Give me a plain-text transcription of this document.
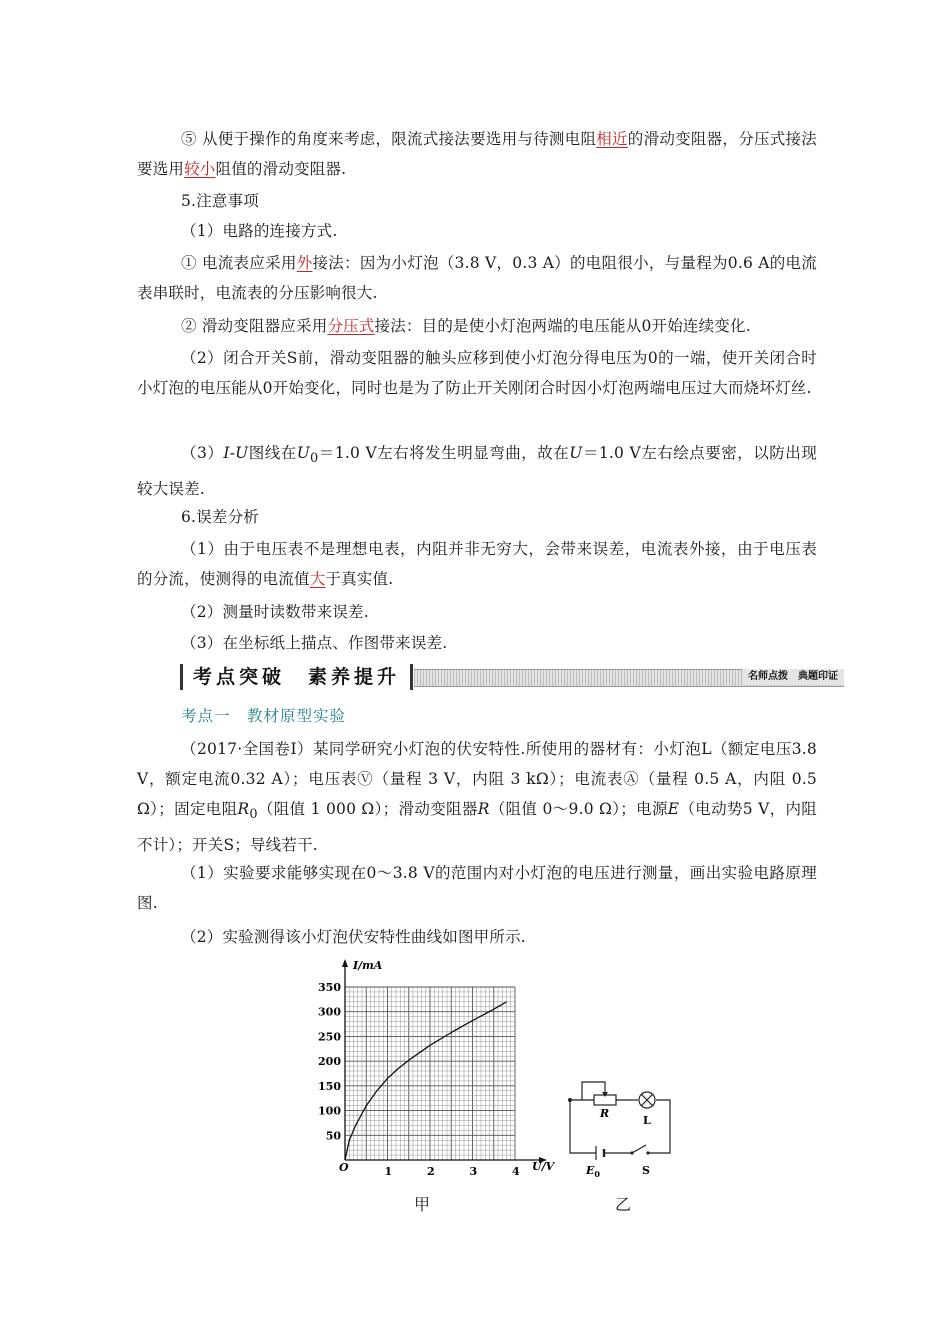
⑤ 从便于操作的角度来考虑，限流式接法要选用与待测电阻相近的滑动变阻器，分压式接法要选用较小阻值的滑动变阻器.
5.注意事项
（1）电路的连接方式.
① 电流表应采用外接法：因为小灯泡（3.8 V，0.3 A）的电阻很小，与量程为0.6 A的电流表串联时，电流表的分压影响很大.
② 滑动变阻器应采用分压式接法：目的是使小灯泡两端的电压能从0开始连续变化.
（2）闭合开关S前，滑动变阻器的触头应移到使小灯泡分得电压为0的一端，使开关闭合时小灯泡的电压能从0开始变化，同时也是为了防止开关刚闭合时因小灯泡两端电压过大而烧坏灯丝.
（3）I-U图线在$U_0=1.0$ V左右将发生明显弯曲，故在U＝1.0 V左右绘点要密，以防出现较大误差.
6.误差分析
（1）由于电压表不是理想电表，内阻并非无穷大，会带来误差，电流表外接，由于电压表的分流，使测得的电流值大于真实值.
（2）测量时读数带来误差.
（3）在坐标纸上描点、作图带来误差.
考点突破　素养提升	名师点拨　典题印证
考点一　教材原型实验
（2017·全国卷Ⅰ）某同学研究小灯泡的伏安特性.所使用的器材有：小灯泡L（额定电压3.8 V，额定电流0.32 A）；电压表Ⓥ（量程 3 V，内阻 3 kΩ）；电流表Ⓐ（量程 0.5 A，内阻 0.5 Ω）；固定电阻$R_0$（阻值 1 000 Ω）；滑动变阻器R（阻值 0～9.0 Ω）；电源E（电动势5 V，内阻不计）；开关S；导线若干.
（1）实验要求能够实现在0～3.8 V的范围内对小灯泡的电压进行测量，画出实验电路原理图.
（2）实验测得该小灯泡伏安特性曲线如图甲所示.
1	2	3	4
50
100
150
200
250
300
350
I/mA
U/V
O
R
L
S
$E_0$
甲	乙
